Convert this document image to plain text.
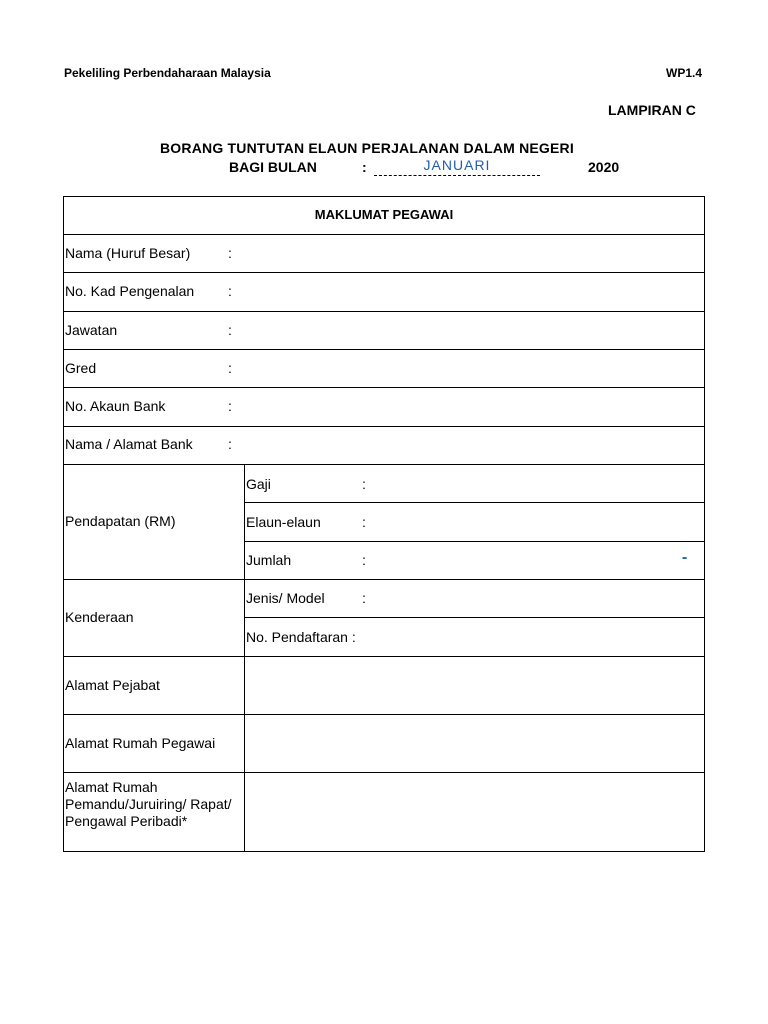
Pekeliling Perbendaharaan Malaysia	WP1.4
LAMPIRAN C
BORANG TUNTUTAN ELAUN PERJALANAN DALAM NEGERI
BAGI BULAN	:	JANUARI	2020
MAKLUMAT PEGAWAI
Nama (Huruf Besar)	:
No. Kad Pengenalan :
Jawatan	:
Gred	:
No. Akaun Bank	:
Nama / Alamat Bank	:
Pendapatan (RM)
Gaji	:
Elaun-elaun	:
Jumlah	:	-
Kenderaan
Jenis/ Model	:
No. Pendaftaran :
Alamat Pejabat
Alamat Rumah Pegawai
Alamat Rumah Pemandu/Juruiring/ Rapat/ Pengawal Peribadi*
